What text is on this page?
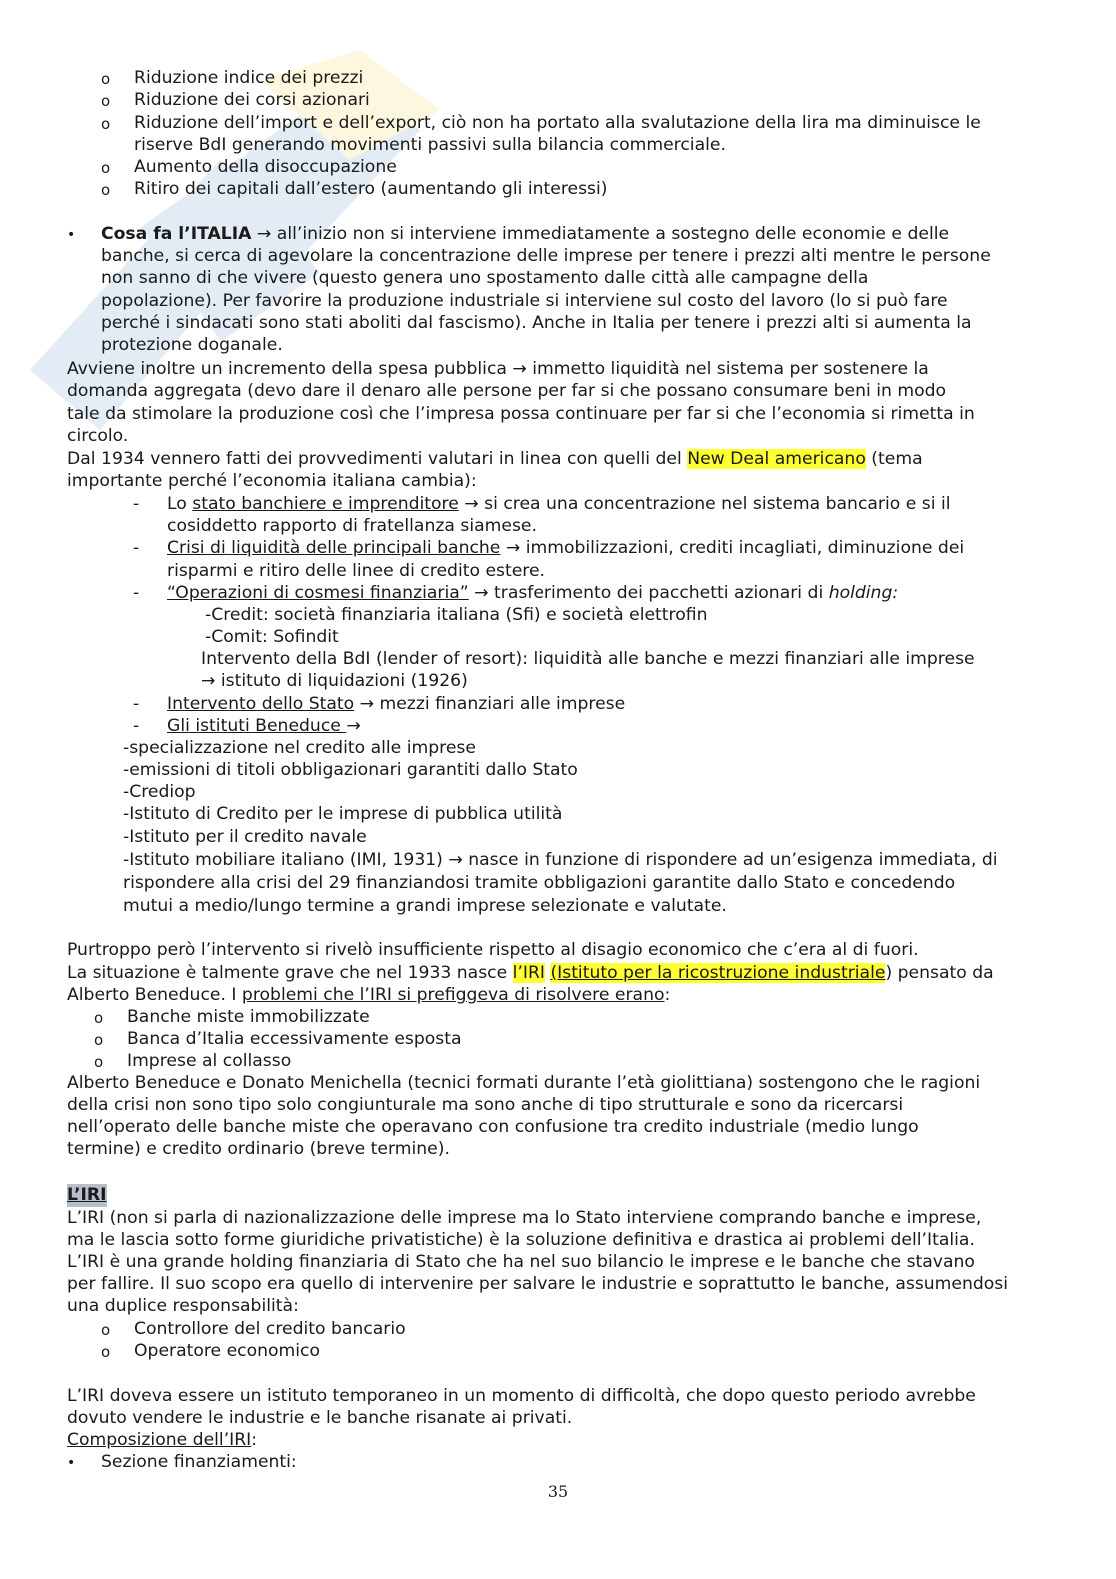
o Riduzione indice dei prezzi
o Riduzione dei corsi azionari
o Riduzione dell’import e dell’export, ciò non ha portato alla svalutazione della lira ma diminuisce le
riserve BdI generando movimenti passivi sulla bilancia commerciale.
o Aumento della disoccupazione
o Ritiro dei capitali dall’estero (aumentando gli interessi)
• Cosa fa l’ITALIA → all’inizio non si interviene immediatamente a sostegno delle economie e delle
banche, si cerca di agevolare la concentrazione delle imprese per tenere i prezzi alti mentre le persone
non sanno di che vivere (questo genera uno spostamento dalle città alle campagne della
popolazione). Per favorire la produzione industriale si interviene sul costo del lavoro (lo si può fare
perché i sindacati sono stati aboliti dal fascismo). Anche in Italia per tenere i prezzi alti si aumenta la
protezione doganale.
Avviene inoltre un incremento della spesa pubblica → immetto liquidità nel sistema per sostenere la
domanda aggregata (devo dare il denaro alle persone per far si che possano consumare beni in modo
tale da stimolare la produzione così che l’impresa possa continuare per far si che l’economia si rimetta in
circolo.
Dal 1934 vennero fatti dei provvedimenti valutari in linea con quelli del New Deal americano (tema
importante perché l’economia italiana cambia):
- Lo stato banchiere e imprenditore → si crea una concentrazione nel sistema bancario e si il
cosiddetto rapporto di fratellanza siamese.
- Crisi di liquidità delle principali banche → immobilizzazioni, crediti incagliati, diminuzione dei
risparmi e ritiro delle linee di credito estere.
- “Operazioni di cosmesi finanziaria” → trasferimento dei pacchetti azionari di holding:
-Credit: società finanziaria italiana (Sfi) e società elettrofin
-Comit: Sofindit
Intervento della BdI (lender of resort): liquidità alle banche e mezzi finanziari alle imprese
→ istituto di liquidazioni (1926)
- Intervento dello Stato → mezzi finanziari alle imprese
- Gli istituti Beneduce →
-specializzazione nel credito alle imprese
-emissioni di titoli obbligazionari garantiti dallo Stato
-Crediop
-Istituto di Credito per le imprese di pubblica utilità
-Istituto per il credito navale
-Istituto mobiliare italiano (IMI, 1931) → nasce in funzione di rispondere ad un’esigenza immediata, di
rispondere alla crisi del 29 finanziandosi tramite obbligazioni garantite dallo Stato e concedendo
mutui a medio/lungo termine a grandi imprese selezionate e valutate.
Purtroppo però l’intervento si rivelò insufficiente rispetto al disagio economico che c’era al di fuori.
La situazione è talmente grave che nel 1933 nasce l’IRI (Istituto per la ricostruzione industriale) pensato da
Alberto Beneduce. I problemi che l’IRI si prefiggeva di risolvere erano:
o Banche miste immobilizzate
o Banca d’Italia eccessivamente esposta
o Imprese al collasso
Alberto Beneduce e Donato Menichella (tecnici formati durante l’età giolittiana) sostengono che le ragioni
della crisi non sono tipo solo congiunturale ma sono anche di tipo strutturale e sono da ricercarsi
nell’operato delle banche miste che operavano con confusione tra credito industriale (medio lungo
termine) e credito ordinario (breve termine).
L’IRI
L’IRI (non si parla di nazionalizzazione delle imprese ma lo Stato interviene comprando banche e imprese,
ma le lascia sotto forme giuridiche privatistiche) è la soluzione definitiva e drastica ai problemi dell’Italia.
L’IRI è una grande holding finanziaria di Stato che ha nel suo bilancio le imprese e le banche che stavano
per fallire. Il suo scopo era quello di intervenire per salvare le industrie e soprattutto le banche, assumendosi
una duplice responsabilità:
o Controllore del credito bancario
o Operatore economico
L’IRI doveva essere un istituto temporaneo in un momento di difficoltà, che dopo questo periodo avrebbe
dovuto vendere le industrie e le banche risanate ai privati.
Composizione dell’IRI:
• Sezione finanziamenti:
35
